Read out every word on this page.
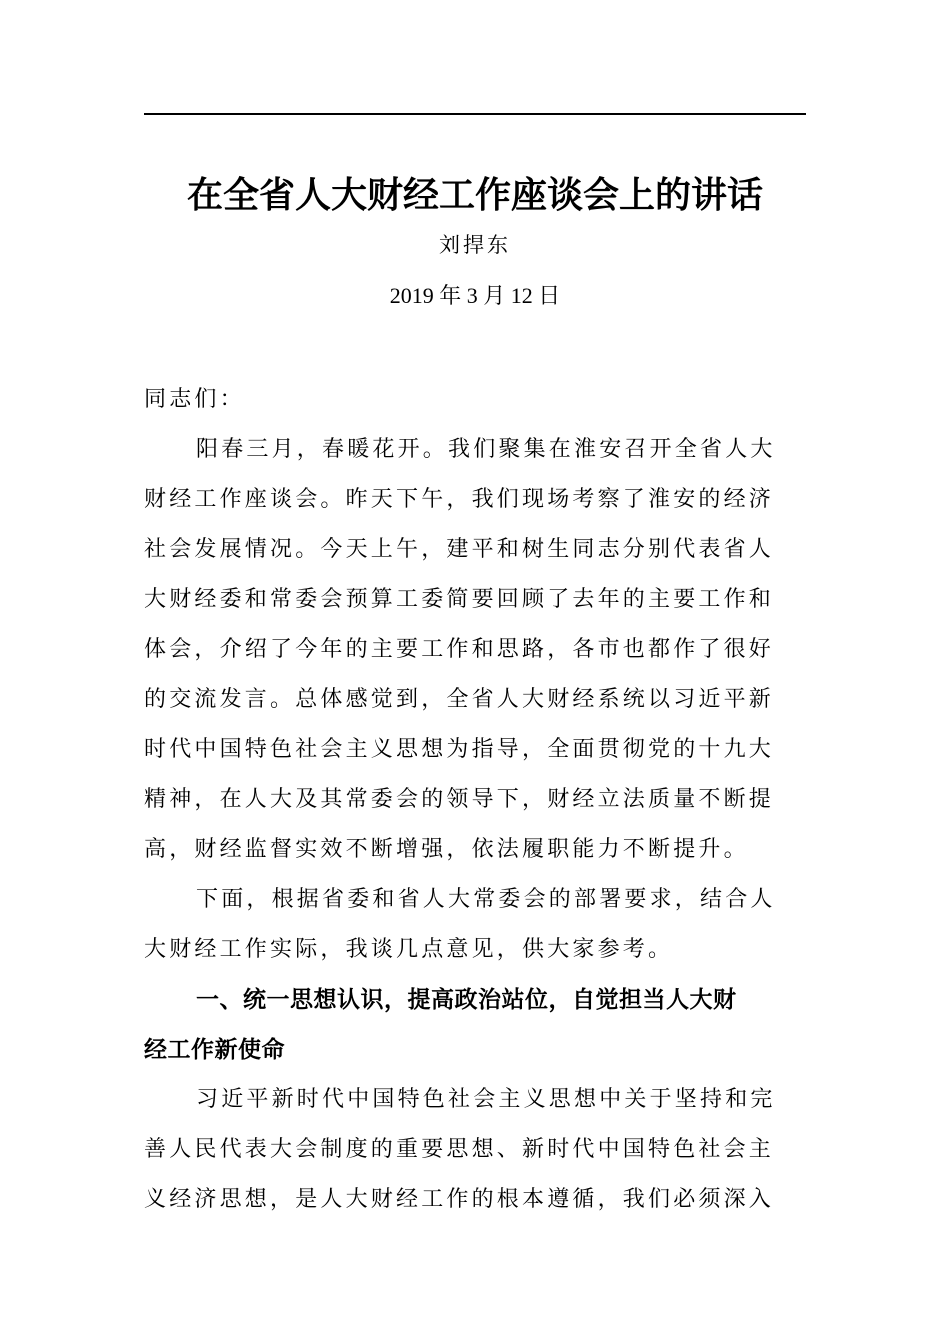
在全省人大财经工作座谈会上的讲话
刘捍东
2019 年 3 月 12 日
同志们：
阳春三月，春暖花开。我们聚集在淮安召开全省人大
财经工作座谈会。昨天下午，我们现场考察了淮安的经济
社会发展情况。今天上午，建平和树生同志分别代表省人
大财经委和常委会预算工委简要回顾了去年的主要工作和
体会，介绍了今年的主要工作和思路，各市也都作了很好
的交流发言。总体感觉到，全省人大财经系统以习近平新
时代中国特色社会主义思想为指导，全面贯彻党的十九大
精神，在人大及其常委会的领导下，财经立法质量不断提
高，财经监督实效不断增强，依法履职能力不断提升。
下面，根据省委和省人大常委会的部署要求，结合人
大财经工作实际，我谈几点意见，供大家参考。
一、统一思想认识，提高政治站位，自觉担当人大财
经工作新使命
习近平新时代中国特色社会主义思想中关于坚持和完
善人民代表大会制度的重要思想、新时代中国特色社会主
义经济思想，是人大财经工作的根本遵循，我们必须深入
